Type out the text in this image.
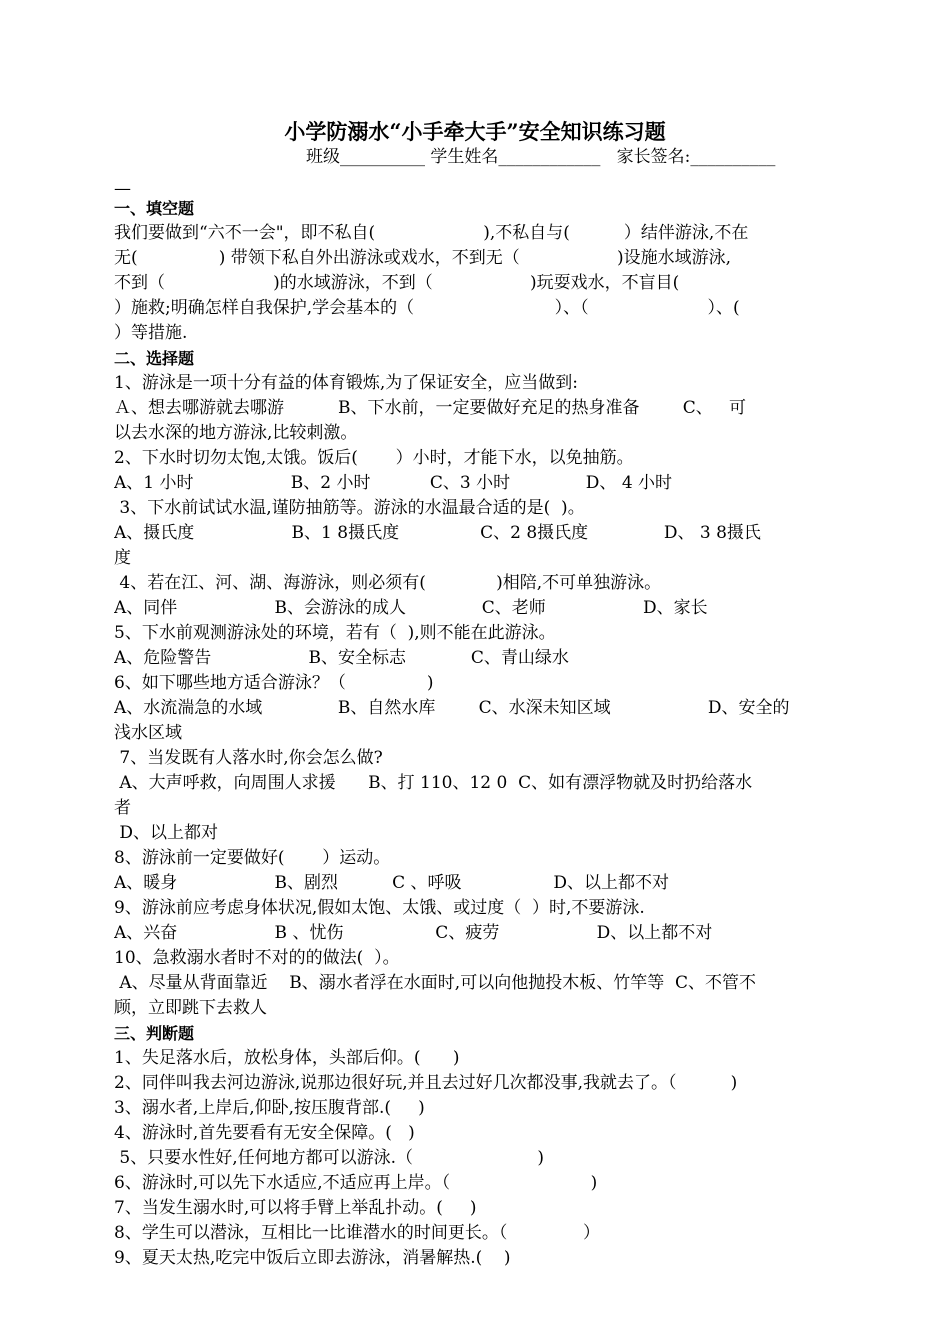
小学防溺水“小手牵大手”安全知识练习题
班级__________ 学生姓名____________   家长签名:__________
—
一、填空题
我们要做到“六不一会"，即不私自(                    ),不私自与(          ）结伴游泳,不在
无(               ) 带领下私自外出游泳或戏水，不到无（                  )设施水域游泳,
不到（                    )的水域游泳，不到（                  )玩耍戏水，不盲目(
）施救;明确怎样自我保护,学会基本的（                          ）、（                      ）、(
）等措施.
二、选择题
1、游泳是一项十分有益的体育锻炼,为了保证安全，应当做到:
Ａ、想去哪游就去哪游          B、下水前，一定要做好充足的热身准备        C、   可
以去水深的地方游泳,比较刺激。
2、下水时切勿太饱,太饿。饭后(       ）小时，才能下水，以免抽筋。
A、1 小时                  B、2 小时           C、3 小时              D、 4 小时
3、下水前试试水温,谨防抽筋等。游泳的水温最合适的是(  )。
A、摄氏度                  B、1 8摄氏度               C、2 8摄氏度              D、 3 8摄氏
度
4、若在江、河、湖、海游泳，则必须有(             )相陪,不可单独游泳。
A、同伴                  B、会游泳的成人              C、老师                  D、家长
5、下水前观测游泳处的环境，若有（  ),则不能在此游泳。
A、危险警告                  B、安全标志            C、青山绿水
6、如下哪些地方适合游泳？（               )
A、水流湍急的水域              B、自然水库        C、水深未知区域                  D、安全的
浅水区域
7、当发既有人落水时,你会怎么做?
A、大声呼救，向周围人求援      B、打 110、12 0  C、如有漂浮物就及时扔给落水
者
D、以上都对
8、游泳前一定要做好(       ）运动。
A、暖身                  B、剧烈          C 、呼吸                 D、以上都不对
9、游泳前应考虑身体状况,假如太饱、太饿、或过度（  ）时,不要游泳.
A、兴奋                  B 、忧伤                 C、疲劳                  D、以上都不对
10、急救溺水者时不对的的做法(  ）。
A、尽量从背面靠近    B、溺水者浮在水面时,可以向他抛投木板、竹竿等  C、不管不
顾，立即跳下去救人
三、判断题
1、失足落水后，放松身体，头部后仰。(      )
2、同伴叫我去河边游泳,说那边很好玩,并且去过好几次都没事,我就去了。（          )
3、溺水者,上岸后,仰卧,按压腹背部.(     )
4、游泳时,首先要看有无安全保障。(   )
5、只要水性好,任何地方都可以游泳.（                       )
6、游泳时,可以先下水适应,不适应再上岸。（                          )
7、当发生溺水时,可以将手臂上举乱扑动。(     )
8、学生可以潜泳，互相比一比谁潜水的时间更长。（              ）
9、夏天太热,吃完中饭后立即去游泳，消暑解热.(    )
